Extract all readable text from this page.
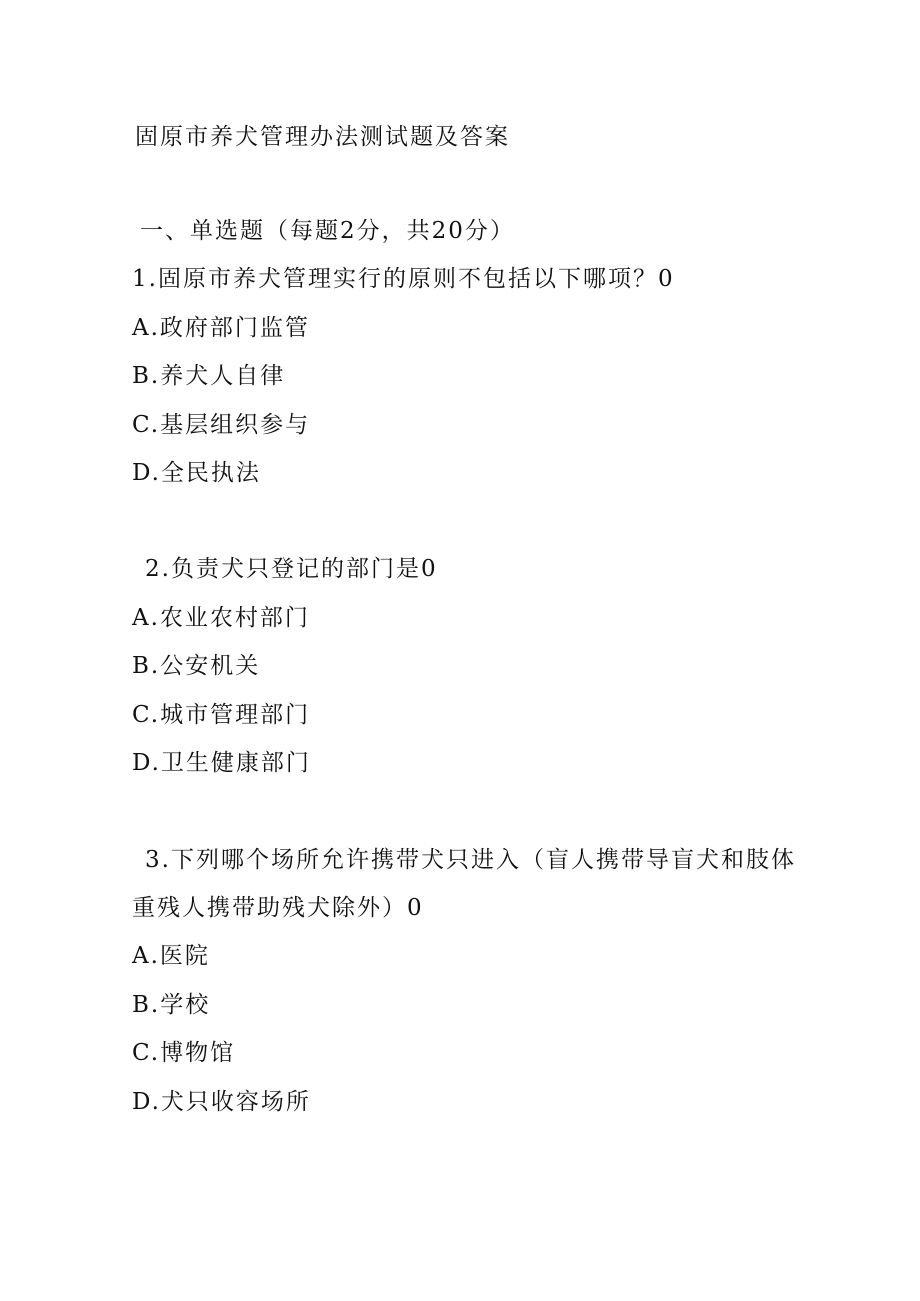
固原市养犬管理办法测试题及答案
一、单选题（每题2分，共20分）
1.固原市养犬管理实行的原则不包括以下哪项？0
A.政府部门监管
B.养犬人自律
C.基层组织参与
D.全民执法
2.负责犬只登记的部门是0
A.农业农村部门
B.公安机关
C.城市管理部门
D.卫生健康部门
3.下列哪个场所允许携带犬只进入（盲人携带导盲犬和肢体
重残人携带助残犬除外）0
A.医院
B.学校
C.博物馆
D.犬只收容场所
